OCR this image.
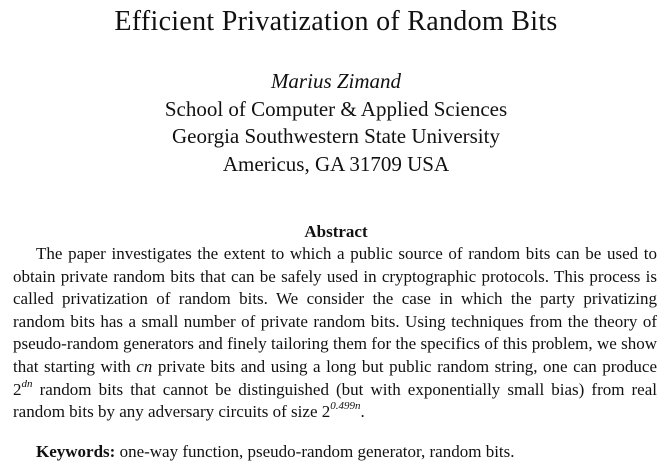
Efficient Privatization of Random Bits
Marius Zimand
School of Computer & Applied Sciences
Georgia Southwestern State University
Americus, GA 31709 USA
Abstract

The paper investigates the extent to which a public source of random bits can be used to obtain private random bits that can be safely used in cryptographic protocols. This process is called privatization of random bits. We consider the case in which the party privatizing random bits has a small number of private random bits. Using techniques from the theory of pseudo-random generators and finely tailoring them for the specifics of this problem, we show that starting with cn private bits and using a long but public random string, one can produce $2^{dn}$ random bits that cannot be distinguished (but with exponentially small bias) from real random bits by any adversary circuits of size $2^{0.499n}$.

Keywords: one-way function, pseudo-random generator, random bits.
